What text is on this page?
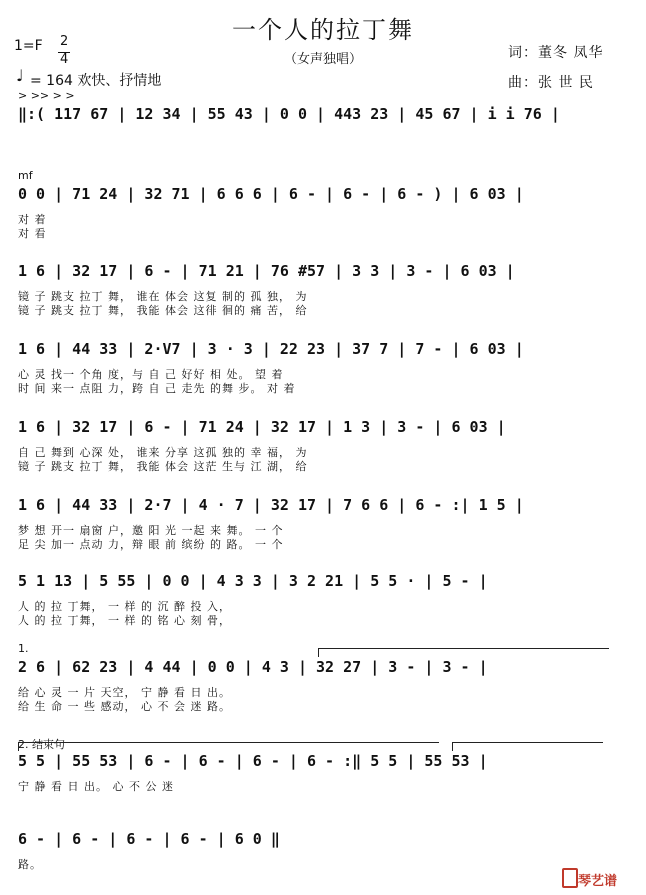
一个人的拉丁舞
（女声独唱）
1=F 2
4
♩ = 164 欢快、抒情地
词：董冬 凤华
曲：张 世 民
> >> > >
‖:( 117 67 | 12 34 | 55 43 | 0 0 | 443 23 | 45 67 | i i 76 |
mf
0 0 | 71 24 | 32 71 | 6 6 6 | 6 - | 6 - | 6 - ) | 6 03 |
对 着
对 看
1 6 | 32 17 | 6 - | 71 21 | 76 #57 | 3 3 | 3 - | 6 03 |
镜 子 跳支 拉丁 舞， 谁在 体会 这复 制的 孤 独， 为
镜 子 跳支 拉丁 舞， 我能 体会 这徘 徊的 痛 苦， 给
1 6 | 44 33 | 2·V7 | 3 · 3 | 22 23 | 37 7 | 7 - | 6 03 |
心 灵 找一 个角 度，与 自 己 好好 相 处。 望 着
时 间 来一 点阻 力，跨 自 己 走先 的舞 步。 对 着
1 6 | 32 17 | 6 - | 71 24 | 32 17 | 1 3 | 3 - | 6 03 |
自 己 舞到 心深 处， 谁来 分享 这孤 独的 幸 福， 为
镜 子 跳支 拉丁 舞， 我能 体会 这茫 生与 江 湖， 给
1 6 | 44 33 | 2·7 | 4 · 7 | 32 17 | 7 6 6 | 6 - :| 1 5 |
梦 想 开一 扇窗 户，邀 阳 光 一起 来 舞。 一 个
足 尖 加一 点动 力，辩 眼 前 缤纷 的 路。 一 个
5 1 13 | 5 55 | 0 0 | 4 3 3 | 3 2 21 | 5 5 · | 5 - |
人 的 拉 丁舞， 一 样 的 沉 醉 投 入，
人 的 拉 丁舞， 一 样 的 铭 心 刻 骨，
1.
2 6 | 62 23 | 4 44 | 0 0 | 4 3 | 32 27 | 3 - | 3 - |
给 心 灵 一 片 天空， 宁 静 看 日 出。
给 生 命 一 些 感动， 心 不 会 迷 路。
2. 结束句
5 5 | 55 53 | 6 - | 6 - | 6 - | 6 - :‖ 5 5 | 55 53 |
宁 静 看 日 出。 心 不 公 迷
6 - | 6 - | 6 - | 6 - | 6 0 ‖
路。
琴艺谱
